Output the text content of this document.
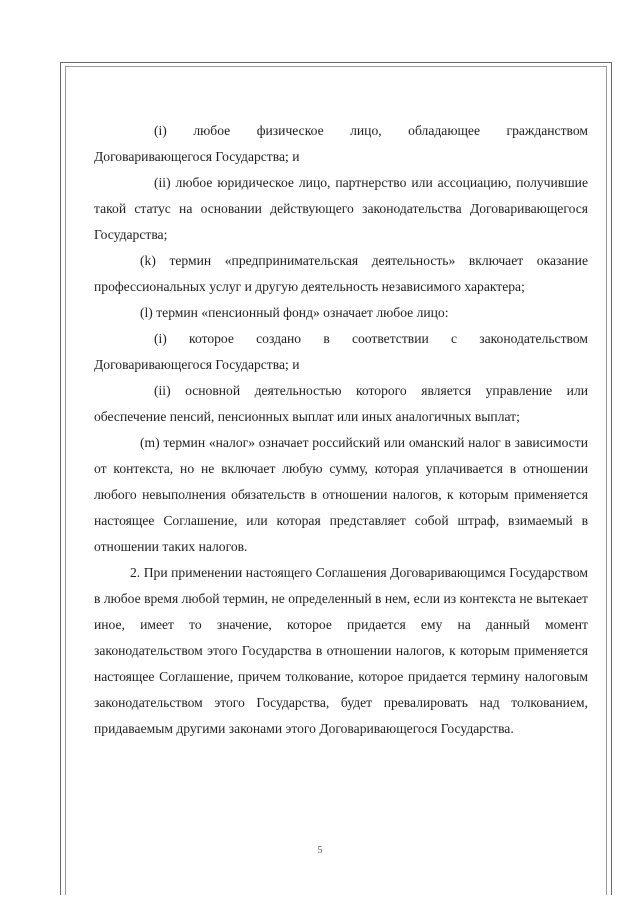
(i) любое физическое лицо, обладающее гражданством Договаривающегося Государства; и

(ii) любое юридическое лицо, партнерство или ассоциацию, получившие такой статус на основании действующего законодательства Договаривающегося Государства;

(k) термин «предпринимательская деятельность» включает оказание профессиональных услуг и другую деятельность независимого характера;

(l) термин «пенсионный фонд» означает любое лицо:

(i) которое создано в соответствии с законодательством Договаривающегося Государства; и

(ii) основной деятельностью которого является управление или обеспечение пенсий, пенсионных выплат или иных аналогичных выплат;

(m) термин «налог» означает российский или оманский налог в зависимости от контекста, но не включает любую сумму, которая уплачивается в отношении любого невыполнения обязательств в отношении налогов, к которым применяется настоящее Соглашение, или которая представляет собой штраф, взимаемый в отношении таких налогов.

2. При применении настоящего Соглашения Договаривающимся Государством в любое время любой термин, не определенный в нем, если из контекста не вытекает иное, имеет то значение, которое придается ему на данный момент законодательством этого Государства в отношении налогов, к которым применяется настоящее Соглашение, причем толкование, которое придается термину налоговым законодательством этого Государства, будет превалировать над толкованием, придаваемым другими законами этого Договаривающегося Государства.

5
